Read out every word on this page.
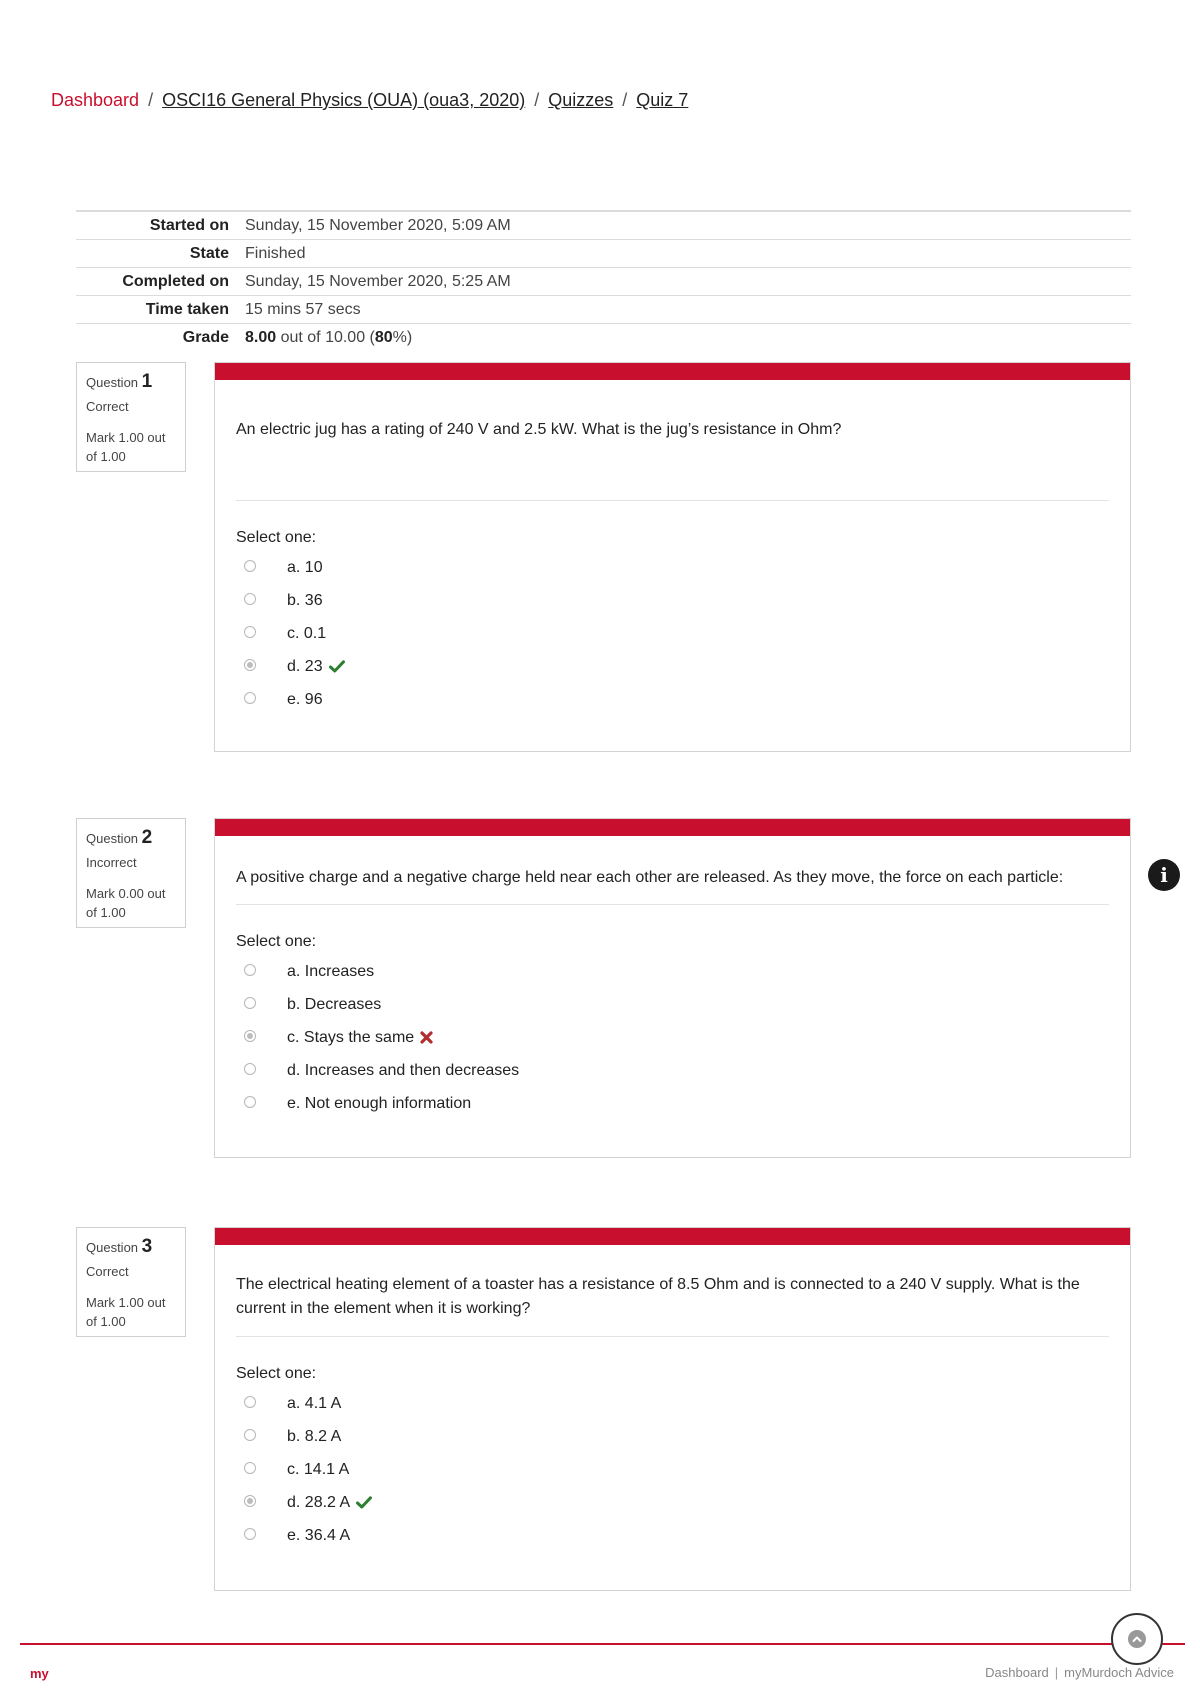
Dashboard / OSCI16 General Physics (OUA) (oua3, 2020) / Quizzes / Quiz 7
Started on	Sunday, 15 November 2020, 5:09 AM
State	Finished
Completed on	Sunday, 15 November 2020, 5:25 AM
Time taken	15 mins 57 secs
Grade	8.00 out of 10.00 (80%)
Question 1
Correct
Mark 1.00 out of 1.00
An electric jug has a rating of 240 V and 2.5 kW. What is the jug’s resistance in Ohm?
Select one:
a. 10
b. 36
c. 0.1
d. 23
e. 96
Question 2
Incorrect
Mark 0.00 out of 1.00
A positive charge and a negative charge held near each other are released. As they move, the force on each particle:
Select one:
a. Increases
b. Decreases
c. Stays the same
d. Increases and then decreases
e. Not enough information
i
Question 3
Correct
Mark 1.00 out of 1.00
The electrical heating element of a toaster has a resistance of 8.5 Ohm and is connected to a 240 V supply. What is the current in the element when it is working?
Select one:
a. 4.1 A
b. 8.2 A
c. 14.1 A
d. 28.2 A
e. 36.4 A
my	Dashboard | myMurdoch Advice
